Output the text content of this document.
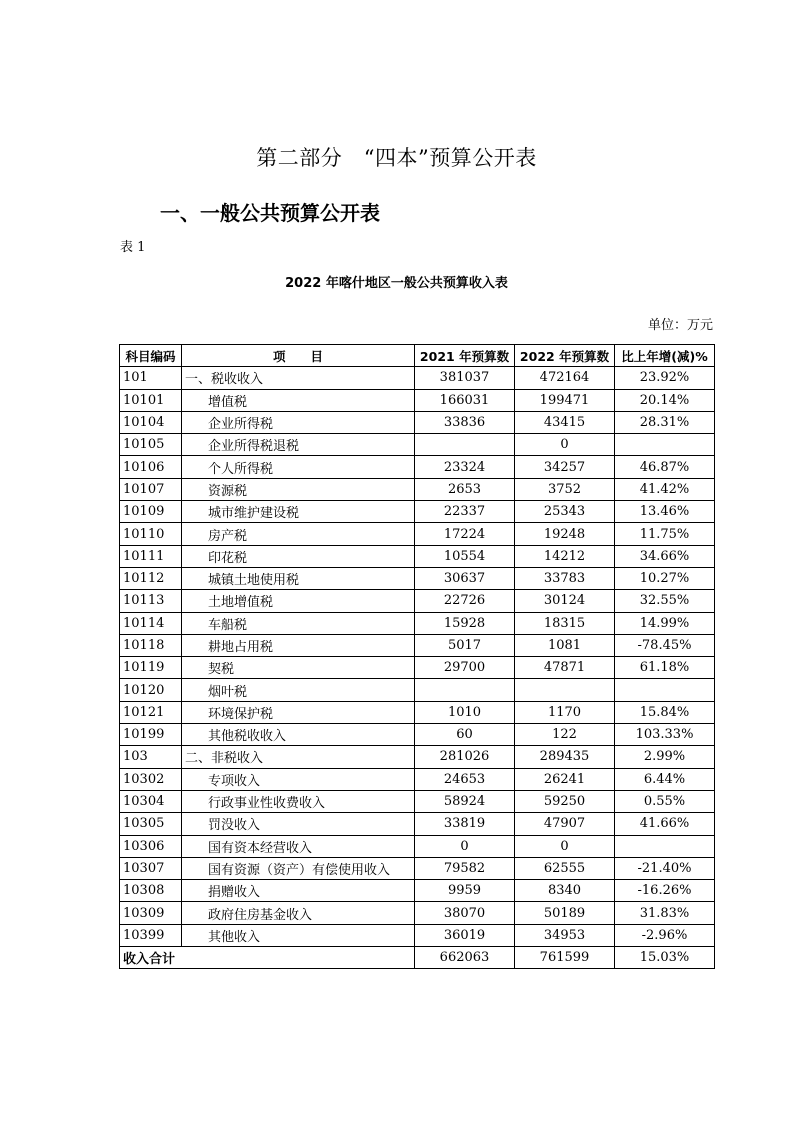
第二部分　“四本”预算公开表
一、一般公共预算公开表
表 1
2022 年喀什地区一般公共预算收入表
单位：万元
科目编码	项　　目	2021 年预算数	2022 年预算数	比上年增(减)%
101	一、税收收入	381037	472164	23.92%
10101	增值税	166031	199471	20.14%
10104	企业所得税	33836	43415	28.31%
10105	企业所得税退税		0	
10106	个人所得税	23324	34257	46.87%
10107	资源税	2653	3752	41.42%
10109	城市维护建设税	22337	25343	13.46%
10110	房产税	17224	19248	11.75%
10111	印花税	10554	14212	34.66%
10112	城镇土地使用税	30637	33783	10.27%
10113	土地增值税	22726	30124	32.55%
10114	车船税	15928	18315	14.99%
10118	耕地占用税	5017	1081	-78.45%
10119	契税	29700	47871	61.18%
10120	烟叶税			
10121	环境保护税	1010	1170	15.84%
10199	其他税收收入	60	122	103.33%
103	二、非税收入	281026	289435	2.99%
10302	专项收入	24653	26241	6.44%
10304	行政事业性收费收入	58924	59250	0.55%
10305	罚没收入	33819	47907	41.66%
10306	国有资本经营收入	0	0	
10307	国有资源（资产）有偿使用收入	79582	62555	-21.40%
10308	捐赠收入	9959	8340	-16.26%
10309	政府住房基金收入	38070	50189	31.83%
10399	其他收入	36019	34953	-2.96%
收入合计		662063	761599	15.03%
